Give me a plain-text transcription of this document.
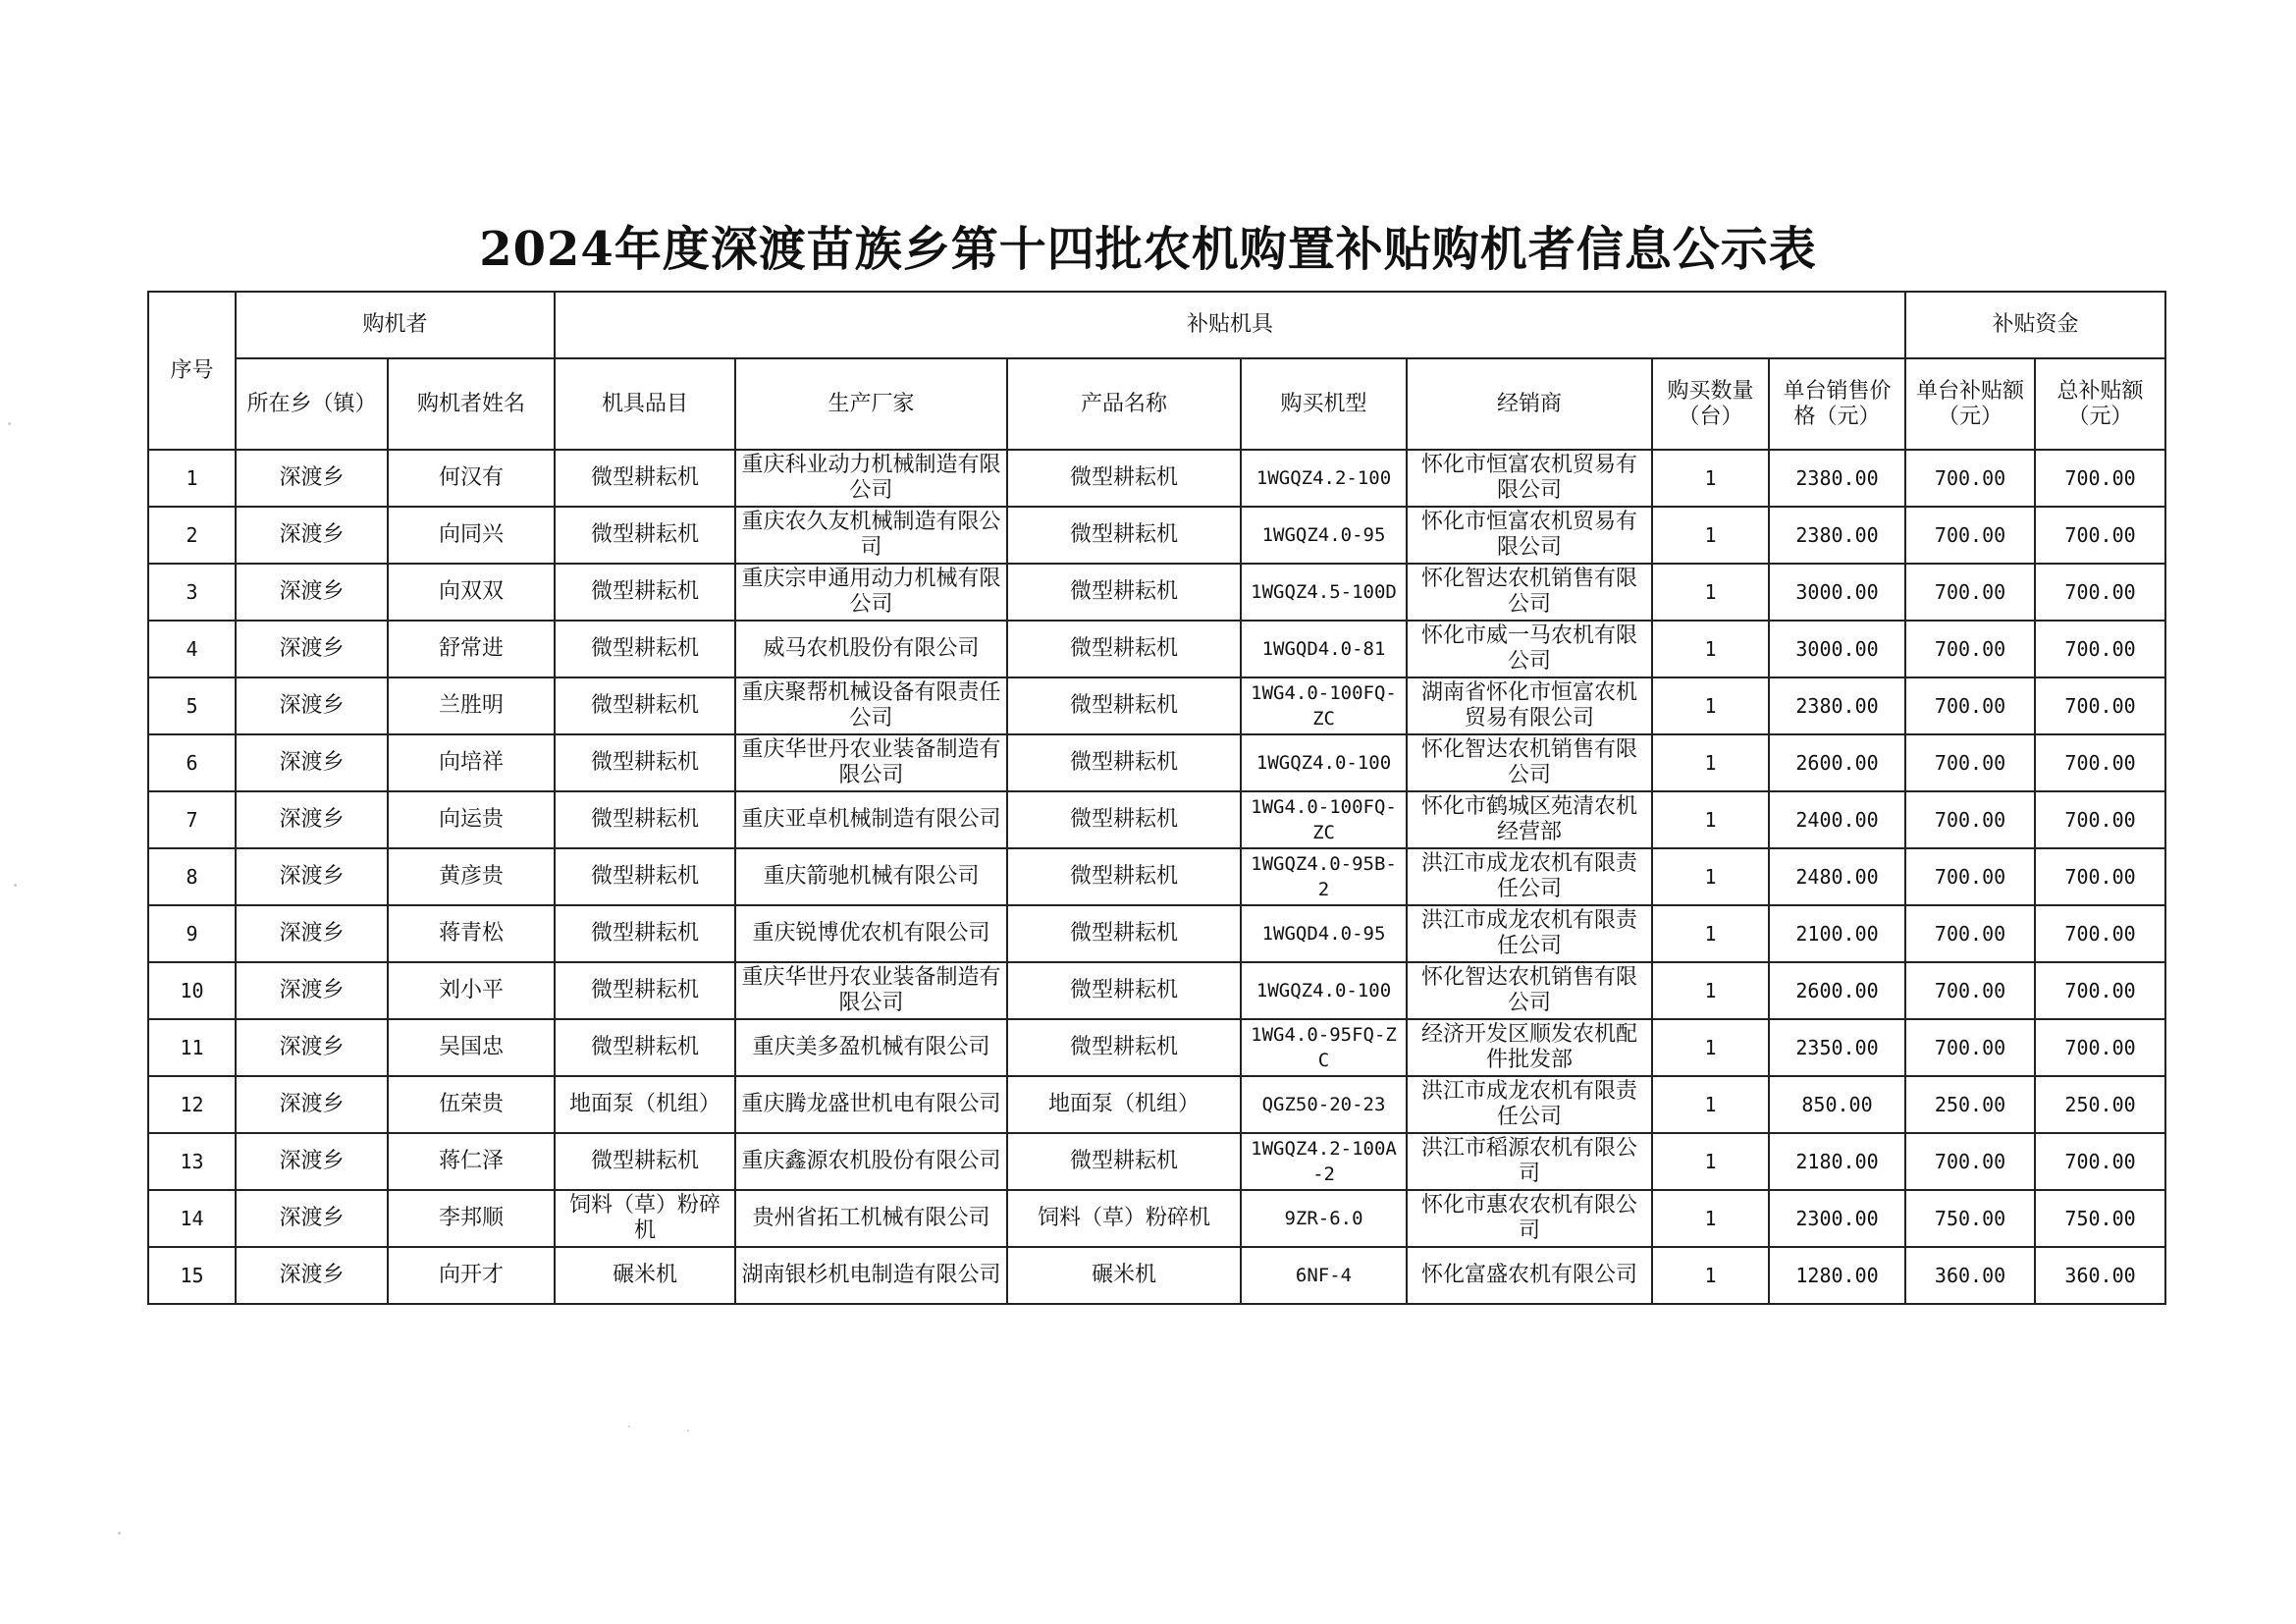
2024年度深渡苗族乡第十四批农机购置补贴购机者信息公示表
序号	购机者		补贴机具							补贴资金	
	所在乡（镇）	购机者姓名	机具品目	生产厂家	产品名称	购买机型	经销商	购买数量（台）	单台销售价格（元）	单台补贴额（元）	总补贴额（元）
1	深渡乡	何汉有	微型耕耘机	重庆科业动力机械制造有限公司	微型耕耘机	1WGQZ4.2-100	怀化市恒富农机贸易有限公司	1	2380.00	700.00	700.00
2	深渡乡	向同兴	微型耕耘机	重庆农久友机械制造有限公司	微型耕耘机	1WGQZ4.0-95	怀化市恒富农机贸易有限公司	1	2380.00	700.00	700.00
3	深渡乡	向双双	微型耕耘机	重庆宗申通用动力机械有限公司	微型耕耘机	1WGQZ4.5-100D	怀化智达农机销售有限公司	1	3000.00	700.00	700.00
4	深渡乡	舒常进	微型耕耘机	威马农机股份有限公司	微型耕耘机	1WGQD4.0-81	怀化市威一马农机有限公司	1	3000.00	700.00	700.00
5	深渡乡	兰胜明	微型耕耘机	重庆聚帮机械设备有限责任公司	微型耕耘机	1WG4.0-100FQ-ZC	湖南省怀化市恒富农机贸易有限公司	1	2380.00	700.00	700.00
6	深渡乡	向培祥	微型耕耘机	重庆华世丹农业装备制造有限公司	微型耕耘机	1WGQZ4.0-100	怀化智达农机销售有限公司	1	2600.00	700.00	700.00
7	深渡乡	向运贵	微型耕耘机	重庆亚卓机械制造有限公司	微型耕耘机	1WG4.0-100FQ-ZC	怀化市鹤城区苑清农机经营部	1	2400.00	700.00	700.00
8	深渡乡	黄彦贵	微型耕耘机	重庆箭驰机械有限公司	微型耕耘机	1WGQZ4.0-95B-2	洪江市成龙农机有限责任公司	1	2480.00	700.00	700.00
9	深渡乡	蒋青松	微型耕耘机	重庆锐博优农机有限公司	微型耕耘机	1WGQD4.0-95	洪江市成龙农机有限责任公司	1	2100.00	700.00	700.00
10	深渡乡	刘小平	微型耕耘机	重庆华世丹农业装备制造有限公司	微型耕耘机	1WGQZ4.0-100	怀化智达农机销售有限公司	1	2600.00	700.00	700.00
11	深渡乡	吴国忠	微型耕耘机	重庆美多盈机械有限公司	微型耕耘机	1WG4.0-95FQ-ZC	经济开发区顺发农机配件批发部	1	2350.00	700.00	700.00
12	深渡乡	伍荣贵	地面泵（机组）	重庆腾龙盛世机电有限公司	地面泵（机组）	QGZ50-20-23	洪江市成龙农机有限责任公司	1	850.00	250.00	250.00
13	深渡乡	蒋仁泽	微型耕耘机	重庆鑫源农机股份有限公司	微型耕耘机	1WGQZ4.2-100A-2	洪江市稻源农机有限公司	1	2180.00	700.00	700.00
14	深渡乡	李邦顺	饲料（草）粉碎机	贵州省拓工机械有限公司	饲料（草）粉碎机	9ZR-6.0	怀化市惠农农机有限公司	1	2300.00	750.00	750.00
15	深渡乡	向开才	碾米机	湖南银杉机电制造有限公司	碾米机	6NF-4	怀化富盛农机有限公司	1	1280.00	360.00	360.00
